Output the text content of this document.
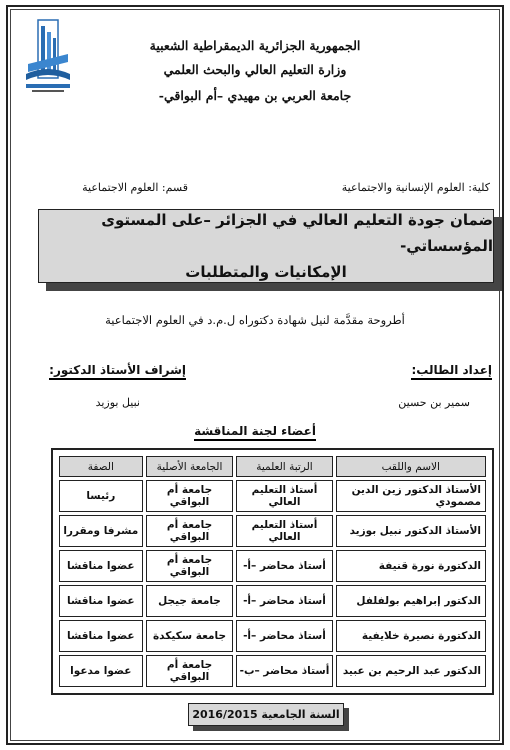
الجمهورية الجزائرية الديمقراطية الشعبية
وزارة التعليم العالي والبحث العلمي
جامعة العربي بن مهيدي –أم البواقي-
كلية: العلوم الإنسانية والاجتماعية
قسم: العلوم الاجتماعية
ضمان جودة التعليم العالي في الجزائر –على المستوى المؤسساتي-
الإمكانيات والمتطلبات
أطروحة مقدَّمة لنيل شهادة دكتوراه ل.م.د في العلوم الاجتماعية
إعداد الطالب:
إشراف الأستاذ الدكتور:
سمير بن حسين
نبيل بوزيد
أعضاء لجنة المناقشة
الاسم واللقب	الرتبة العلمية	الجامعة الأصلية	الصفة
الأستاذ الدكتور زين الدين مصمودي	أستاذ التعليم العالي	جامعة أم البواقي	رئيسا
الأستاذ الدكتور نبيل بوزيد	أستاذ التعليم العالي	جامعة أم البواقي	مشرفا ومقررا
الدكتورة نورة قنيفة	أستاذ محاضر –أ-	جامعة أم البواقي	عضوا مناقشا
الدكتور إبراهيم بولفلفل	أستاذ محاضر –أ-	جامعة جيجل	عضوا مناقشا
الدكتورة نصيرة خلايفية	أستاذ محاضر –أ-	جامعة سكيكدة	عضوا مناقشا
الدكتور عبد الرحيم بن عبيد	أستاذ محاضر –ب-	جامعة أم البواقي	عضوا مدعوا
السنة الجامعية 2016/2015
